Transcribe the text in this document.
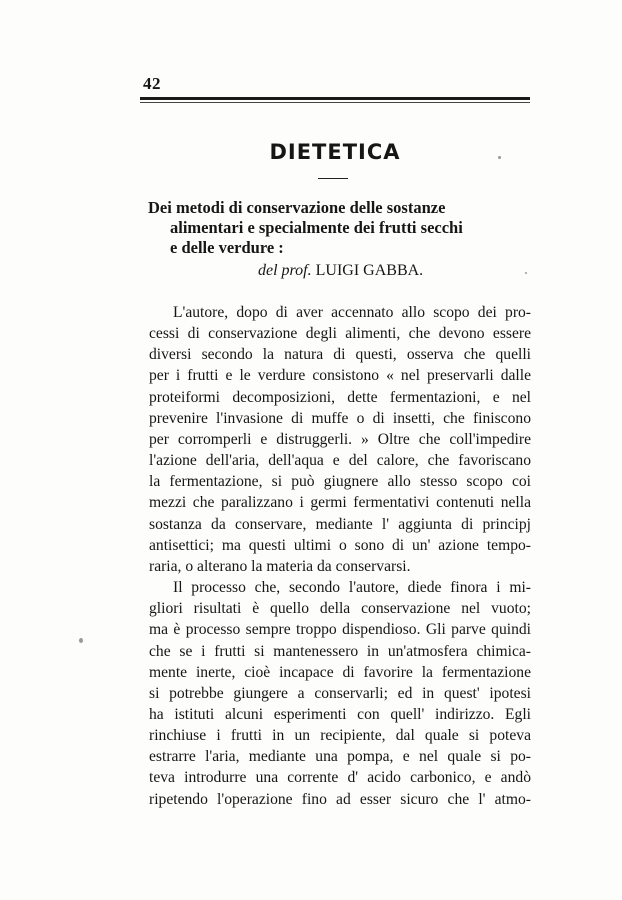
42
DIETETICA
Dei metodi di conservazione delle sostanze
alimentari e specialmente dei frutti secchi
e delle verdure :
del prof. LUIGI GABBA.
L'autore, dopo di aver accennato allo scopo dei pro-
cessi di conservazione degli alimenti, che devono essere
diversi secondo la natura di questi, osserva che quelli
per i frutti e le verdure consistono « nel preservarli dalle
proteiformi decomposizioni, dette fermentazioni, e nel
prevenire l'invasione di muffe o di insetti, che finiscono
per corromperli e distruggerli. » Oltre che coll'impedire
l'azione dell'aria, dell'aqua e del calore, che favoriscano
la fermentazione, si può giugnere allo stesso scopo coi
mezzi che paralizzano i germi fermentativi contenuti nella
sostanza da conservare, mediante l' aggiunta di principj
antisettici; ma questi ultimi o sono di un' azione tempo-
raria, o alterano la materia da conservarsi.
Il processo che, secondo l'autore, diede finora i mi-
gliori risultati è quello della conservazione nel vuoto;
ma è processo sempre troppo dispendioso. Gli parve quindi
che se i frutti si mantenessero in un'atmosfera chimica-
mente inerte, cioè incapace di favorire la fermentazione
si potrebbe giungere a conservarli; ed in quest' ipotesi
ha istituti alcuni esperimenti con quell' indirizzo. Egli
rinchiuse i frutti in un recipiente, dal quale si poteva
estrarre l'aria, mediante una pompa, e nel quale si po-
teva introdurre una corrente d' acido carbonico, e andò
ripetendo l'operazione fino ad esser sicuro che l' atmo-
